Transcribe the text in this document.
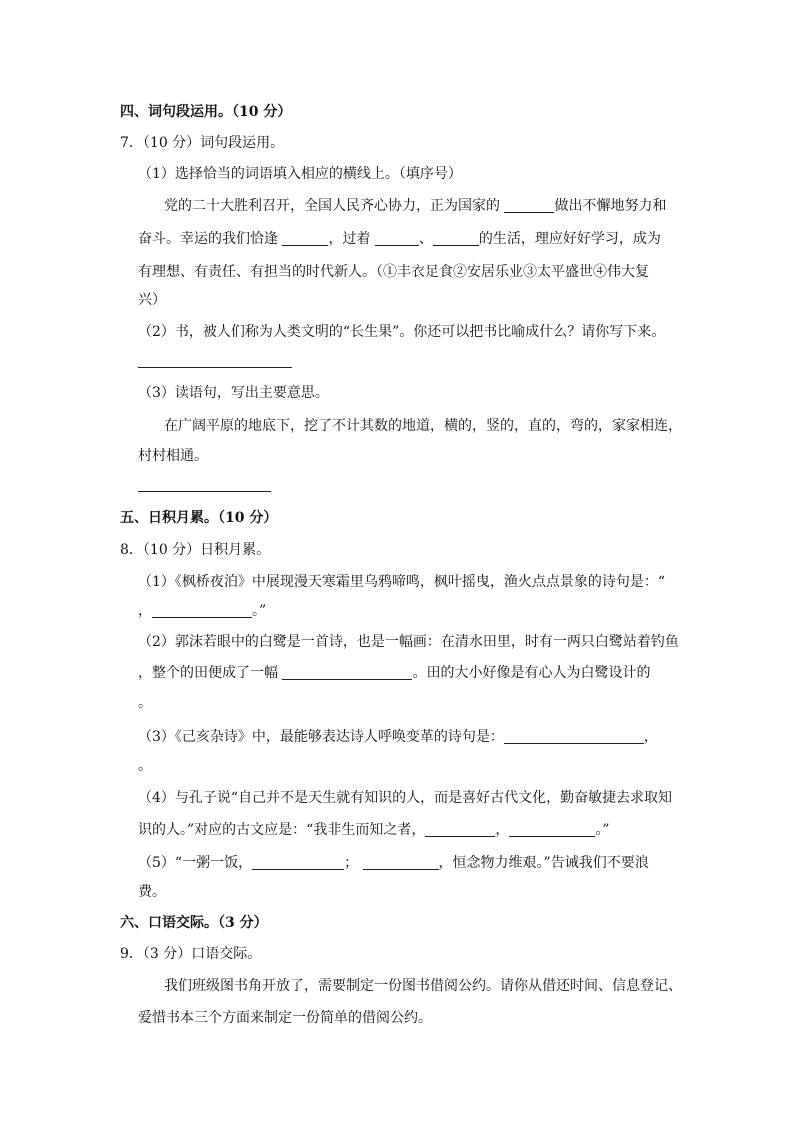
四、词句段运用。（10 分）
7．（10 分）词句段运用。
（1）选择恰当的词语填入相应的横线上。（填序号）
党的二十大胜利召开，全国人民齐心协力，正为国家的	做出不懈地努力和
奋斗。幸运的我们恰逢	，过着	、	的生活，理应好好学习，成为
有理想、有责任、有担当的时代新人。（①丰衣足食②安居乐业③太平盛世④伟大复
兴）
（2）书，被人们称为人类文明的“长生果”。你还可以把书比喻成什么？请你写下来。
（3）读语句，写出主要意思。
在广阔平原的地底下，挖了不计其数的地道，横的，竖的，直的，弯的，家家相连，
村村相通。
五、日积月累。（10 分）
8．（10 分）日积月累。
（1）《枫桥夜泊》中展现漫天寒霜里乌鸦啼鸣，枫叶摇曳，渔火点点景象的诗句是：“
，	。”
（2）郭沫若眼中的白鹭是一首诗，也是一幅画：在清水田里，时有一两只白鹭站着钓鱼
，整个的田便成了一幅	。田的大小好像是有心人为白鹭设计的
。
（3）《己亥杂诗》中，最能够表达诗人呼唤变革的诗句是：	，
。
（4）与孔子说“自己并不是天生就有知识的人，而是喜好古代文化，勤奋敏捷去求取知
识的人。”对应的古文应是：“我非生而知之者，	，	。”
（5）“一粥一饭，	；	，恒念物力维艰。”告诫我们不要浪
费。
六、口语交际。（3 分）
9．（3 分）口语交际。
我们班级图书角开放了，需要制定一份图书借阅公约。请你从借还时间、信息登记、
爱惜书本三个方面来制定一份简单的借阅公约。
